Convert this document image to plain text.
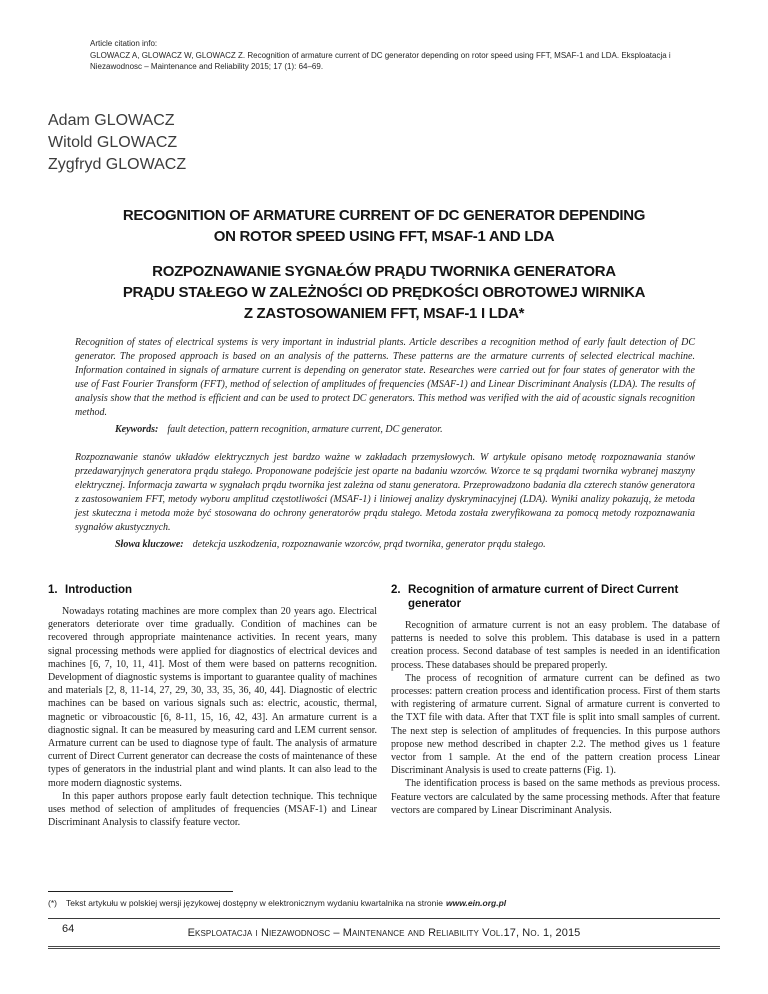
Article citation info:
GLOWACZ A, GLOWACZ W, GLOWACZ Z. Recognition of armature current of DC generator depending on rotor speed using FFT, MSAF-1 and LDA. Eksploatacja i Niezawodnosc – Maintenance and Reliability 2015; 17 (1): 64–69.
Adam GLOWACZ
Witold GLOWACZ
Zygfryd GLOWACZ
RECOGNITION OF ARMATURE CURRENT OF DC GENERATOR DEPENDING
ON ROTOR SPEED USING FFT, MSAF-1 AND LDA
ROZPOZNAWANIE SYGNAŁÓW PRĄDU TWORNIKA GENERATORA
PRĄDU STAŁEGO W ZALEŻNOŚCI OD PRĘDKOŚCI OBROTOWEJ WIRNIKA
Z ZASTOSOWANIEM FFT, MSAF-1 I LDA*

Recognition of states of electrical systems is very important in industrial plants. Article describes a recognition method of early fault detection of DC generator. The proposed approach is based on an analysis of the patterns. These patterns are the armature currents of selected electrical machine. Information contained in signals of armature current is depending on generator state. Researches were carried out for four states of generator with the use of Fast Fourier Transform (FFT), method of selection of amplitudes of frequencies (MSAF-1) and Linear Discriminant Analysis (LDA). The results of analysis show that the method is efficient and can be used to protect DC generators. This method was verified with the aid of acoustic signals recognition method.

Keywords: fault detection, pattern recognition, armature current, DC generator.

Rozpoznawanie stanów układów elektrycznych jest bardzo ważne w zakładach przemysłowych. W artykule opisano metodę rozpoznawania stanów przedawaryjnych generatora prądu stałego. Proponowane podejście jest oparte na badaniu wzorców. Wzorce te są prądami twornika wybranej maszyny elektrycznej. Informacja zawarta w sygnałach prądu twornika jest zależna od stanu generatora. Przeprowadzono badania dla czterech stanów generatora z zastosowaniem FFT, metody wyboru amplitud częstotliwości (MSAF-1) i liniowej analizy dyskryminacyjnej (LDA). Wyniki analizy pokazują, że metoda jest skuteczna i metoda może być stosowana do ochrony generatorów prądu stałego. Metoda została zweryfikowana za pomocą metody rozpoznawania sygnałów akustycznych.

Słowa kluczowe: detekcja uszkodzenia, rozpoznawanie wzorców, prąd twornika, generator prądu stałego.
1. Introduction

Nowadays rotating machines are more complex than 20 years ago. Electrical generators deteriorate over time gradually. Condition of machines can be recovered through appropriate maintenance activities. In recent years, many signal processing methods were applied for diagnostics of electrical devices and machines [6, 7, 10, 11, 41]. Most of them were based on patterns recognition. Development of diagnostic systems is important to guarantee quality of machines and materials [2, 8, 11-14, 27, 29, 30, 33, 35, 36, 40, 44]. Diagnostic of electric machines can be based on various signals such as: electric, acoustic, thermal, magnetic or vibroacoustic [6, 8-11, 15, 16, 42, 43]. An armature current is a diagnostic signal. It can be measured by measuring card and LEM current sensor. Armature current can be used to diagnose type of fault. The analysis of armature current of Direct Current generator can decrease the costs of maintenance of these types of generators in the industrial plant and wind plants. It can also lead to the more modern diagnostic systems.

In this paper authors propose early fault detection technique. This technique uses method of selection of amplitudes of frequencies (MSAF-1) and Linear Discriminant Analysis to classify feature vector.

2. Recognition of armature current of Direct Current generator

Recognition of armature current is not an easy problem. The database of patterns is needed to solve this problem. This database is used in a pattern creation process. Second database of test samples is needed in an identification process. These databases should be prepared properly.

The process of recognition of armature current can be defined as two processes: pattern creation process and identification process. First of them starts with registering of armature current. Signal of armature current is converted to the TXT file with data. After that TXT file is split into small samples of current. The next step is selection of amplitudes of frequencies. In this purpose authors propose new method described in chapter 2.2. The method gives us 1 feature vector from 1 sample. At the end of the pattern creation process Linear Discriminant Analysis is used to create patterns (Fig. 1).

The identification process is based on the same methods as previous process. Feature vectors are calculated by the same processing methods. After that feature vectors are compared by Linear Discriminant Analysis.

(*)	Tekst artykułu w polskiej wersji językowej dostępny w elektronicznym wydaniu kwartalnika na stronie www.ein.org.pl
64	Eksploatacja i Niezawodnosc – Maintenance and Reliability Vol.17, No. 1, 2015
